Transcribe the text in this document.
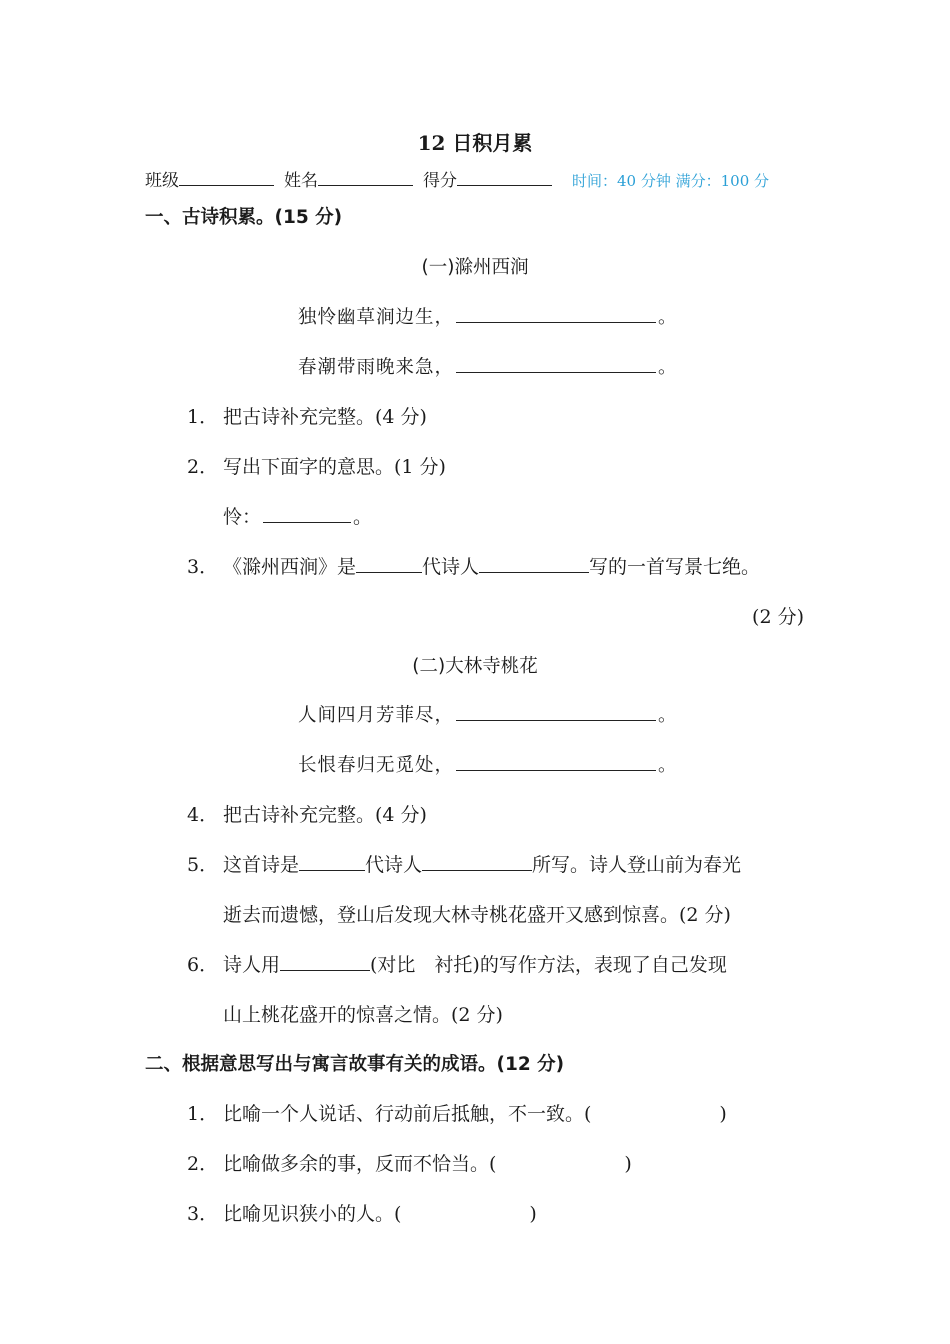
12 日积月累
班级	姓名	得分	时间：40 分钟 满分：100 分
一、古诗积累。(15 分)
(一)滁州西涧
独怜幽草涧边生，	。
春潮带雨晚来急，	。
1． 把古诗补充完整。(4 分)
2． 写出下面字的意思。(1 分)
怜：	。
3． 《滁州西涧》是	代诗人	写的一首写景七绝。
(2 分)
(二)大林寺桃花
人间四月芳菲尽，	。
长恨春归无觅处，	。
4． 把古诗补充完整。(4 分)
5． 这首诗是	代诗人	所写。诗人登山前为春光
逝去而遗憾，登山后发现大林寺桃花盛开又感到惊喜。(2 分)
6． 诗人用	(对比　衬托)的写作方法，表现了自己发现
山上桃花盛开的惊喜之情。(2 分)
二、根据意思写出与寓言故事有关的成语。(12 分)
1． 比喻一个人说话、行动前后抵触，不一致。(	)
2． 比喻做多余的事，反而不恰当。(	)
3． 比喻见识狭小的人。(	)
